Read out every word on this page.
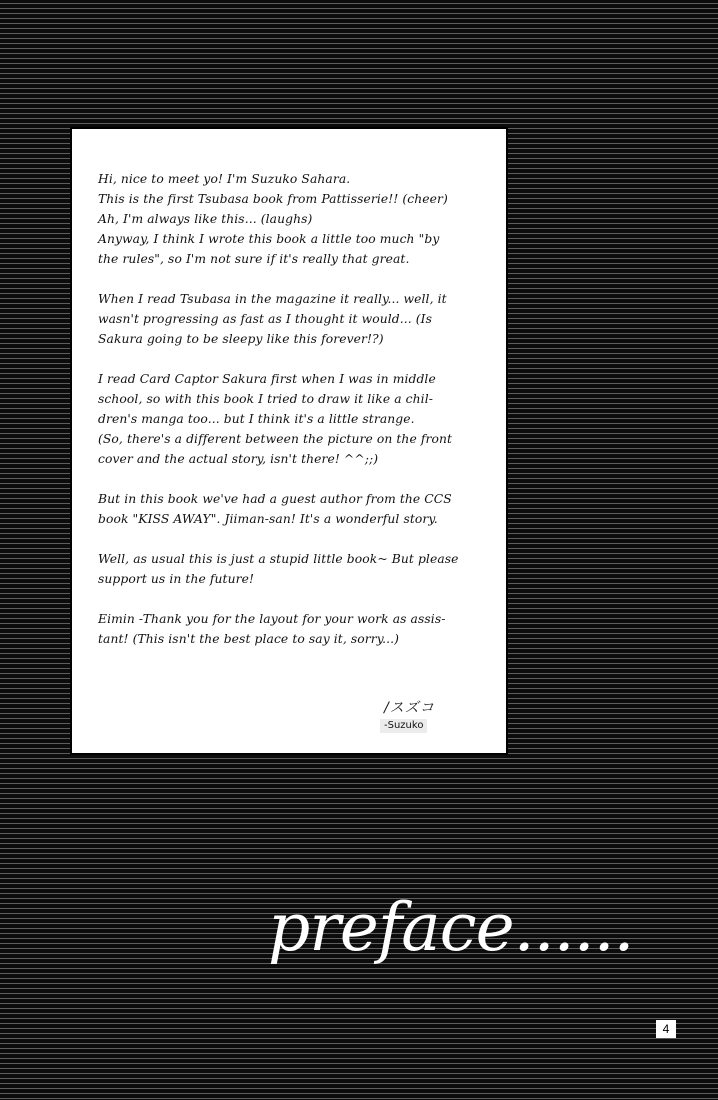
Hi, nice to meet yo! I'm Suzuko Sahara.
This is the first Tsubasa book from Pattisserie!! (cheer)
Ah, I'm always like this... (laughs)
Anyway, I think I wrote this book a little too much "by
the rules", so I'm not sure if it's really that great.

When I read Tsubasa in the magazine it really... well, it
wasn't progressing as fast as I thought it would... (Is
Sakura going to be sleepy like this forever!?)

I read Card Captor Sakura first when I was in middle
school, so with this book I tried to draw it like a chil-
dren's manga too... but I think it's a little strange.
(So, there's a different between the picture on the front
cover and the actual story, isn't there! ^^;;)

But in this book we've had a guest author from the CCS
book "KISS AWAY". Jiiman-san! It's a wonderful story.

Well, as usual this is just a stupid little book~ But please
support us in the future!

Eimin -Thank you for the layout for your work as assis-
tant! (This isn't the best place to say it, sorry...)

/スズコ
-Suzuko
preface......
4
